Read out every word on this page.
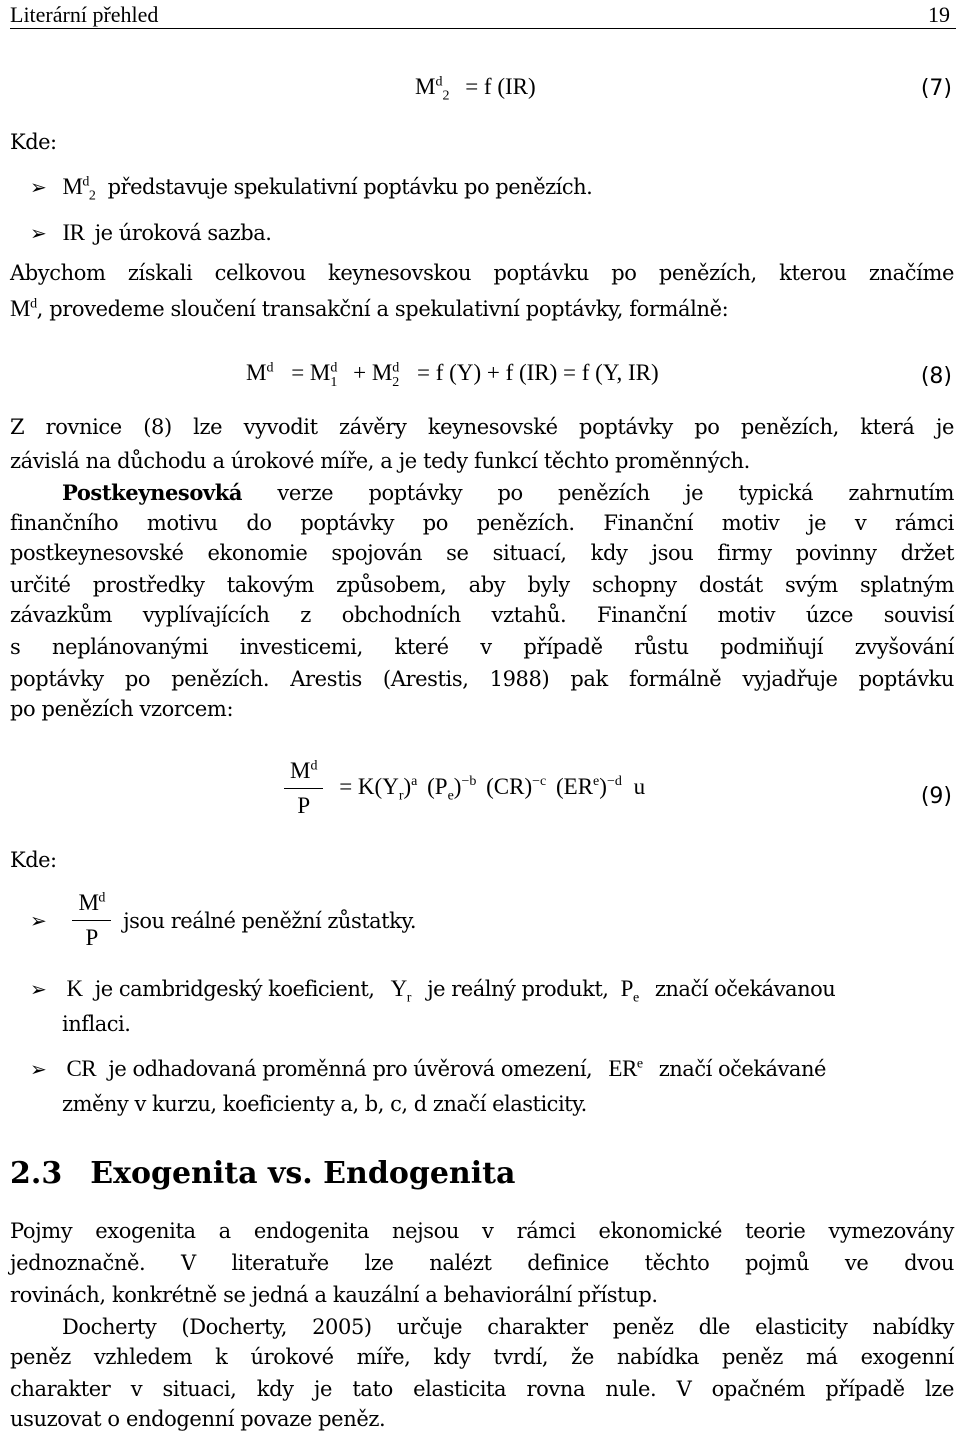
Literární přehled	19
$M^d_2 = f$ (IR)	(7)
Kde:
➢ $M^d_2$ představuje spekulativní poptávku po penězích.
➢ IR je úroková sazba.
Abychom získali celkovou keynesovskou poptávku po penězích, kterou značíme
$M^d$, provedeme sloučení transakční a spekulativní poptávky, formálně:
$M^d = M^d_1 + M^d_2 = f$ (Y) + f (IR) = f (Y, IR)	(8)
Z rovnice (8) lze vyvodit závěry keynesovské poptávky po penězích, která je
závislá na důchodu a úrokové míře, a je tedy funkcí těchto proměnných.
Postkeynesovká verze poptávky po penězích je typická zahrnutím
finančního motivu do poptávky po penězích. Finanční motiv je v rámci
postkeynesovské ekonomie spojován se situací, kdy jsou firmy povinny držet
určité prostředky takovým způsobem, aby byly schopny dostát svým splatným
závazkům vyplívajících z obchodních vztahů. Finanční motiv úzce souvisí
s neplánovanými investicemi, které v případě růstu podmiňují zvyšování
poptávky po penězích. Arestis (Arestis, 1988) pak formálně vyjadřuje poptávku
po penězích vzorcem:
$\frac{M^d}{P} = K(Y_r)^a$ $(P_e)^{-b}$ (CR)$^{-c}$ $(ER^e)^{-d}$ u	(9)
Kde:
➢ $\frac{M^d}{P}$ jsou reálné peněžní zůstatky.
➢ K je cambridgeský koeficient, $Y_r$ je reálný produkt, $P_e$ značí očekávanou
inflaci.
➢ CR je odhadovaná proměnná pro úvěrová omezení, $ER^e$ značí očekávané
změny v kurzu, koeficienty a, b, c, d značí elasticity.
2.3 Exogenita vs. Endogenita
Pojmy exogenita a endogenita nejsou v rámci ekonomické teorie vymezovány
jednoznačně. V literatuře lze nalézt definice těchto pojmů ve dvou
rovinách, konkrétně se jedná a kauzální a behaviorální přístup.
Docherty (Docherty, 2005) určuje charakter peněz dle elasticity nabídky
peněz vzhledem k úrokové míře, kdy tvrdí, že nabídka peněz má exogenní
charakter v situaci, kdy je tato elasticita rovna nule. V opačném případě lze
usuzovat o endogenní povaze peněz.
